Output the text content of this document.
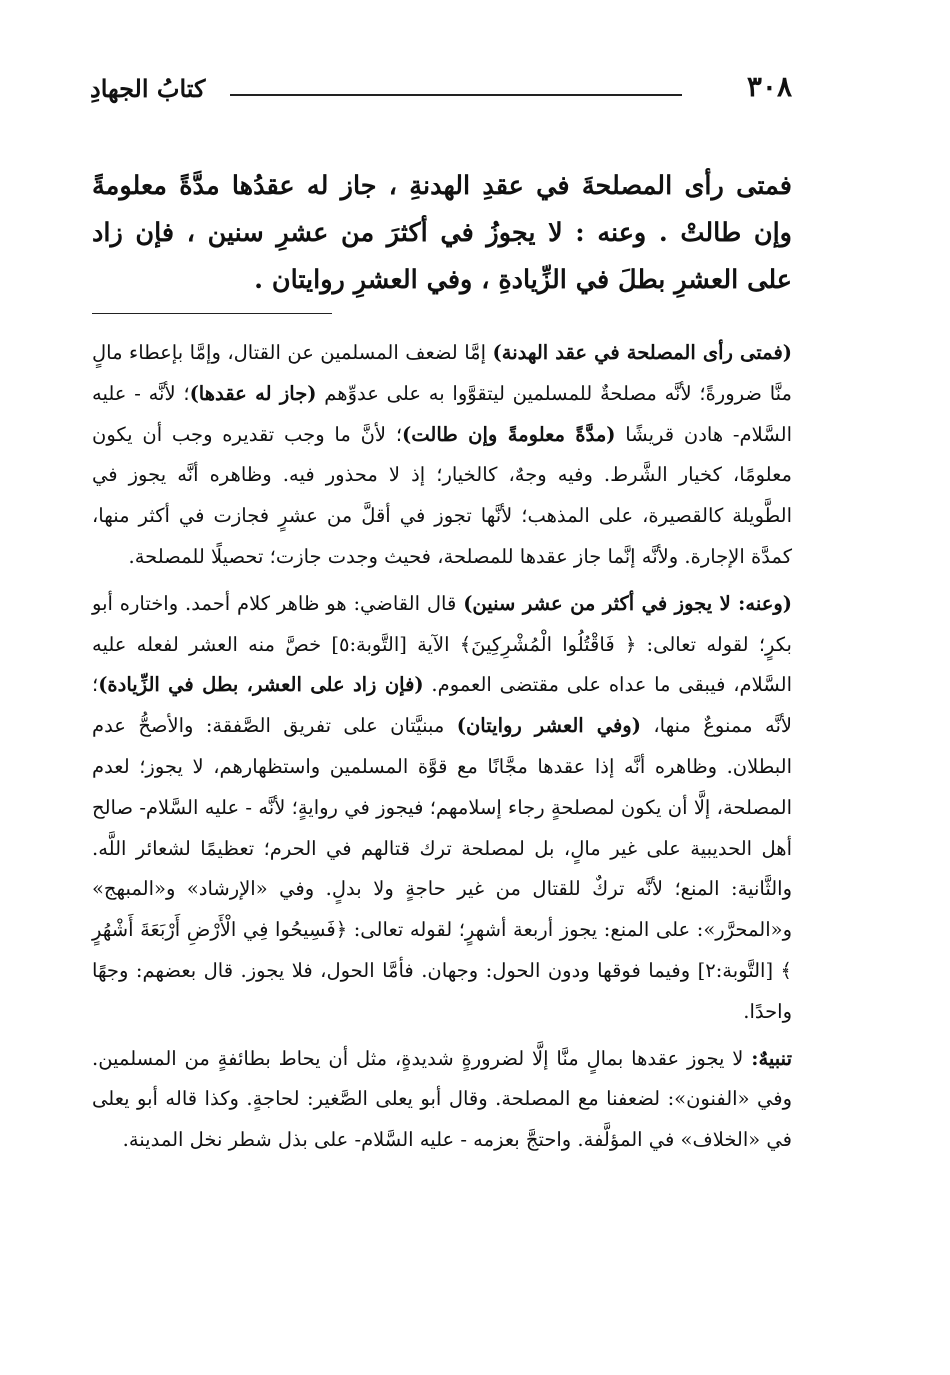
كتابُ الجهادِ	٣٠٨
فمتى رأى المصلحةَ في عقدِ الهدنةِ ، جاز له عقدُها مدَّةً معلومةً وإن طالتْ . وعنه : لا يجوزُ في أكثرَ من عشرِ سنين ، فإن زاد على العشرِ بطلَ في الزِّيادةِ ، وفي العشرِ روايتان .

(فمتى رأى المصلحة في عقد الهدنة) إمَّا لضعف المسلمين عن القتال، وإمَّا بإعطاء مالٍ منَّا ضرورةً؛ لأنَّه مصلحةٌ للمسلمين ليتقوَّوا به على عدوِّهم (جاز له عقدها)؛ لأنَّه - عليه السَّلام- هادن قريشًا (مدَّةً معلومةً وإن طالت)؛ لأنَّ ما وجب تقديره وجب أن يكون معلومًا، كخيار الشَّرط. وفيه وجهٌ، كالخيار؛ إذ لا محذور فيه. وظاهره أنَّه يجوز في الطَّويلة كالقصيرة، على المذهب؛ لأنَّها تجوز في أقلَّ من عشرٍ فجازت في أكثر منها، كمدَّة الإجارة. ولأنَّه إنَّما جاز عقدها للمصلحة، فحيث وجدت جازت؛ تحصيلًا للمصلحة.

(وعنه: لا يجوز في أكثر من عشر سنين) قال القاضي: هو ظاهر كلام أحمد. واختاره أبو بكرٍ؛ لقوله تعالى: ﴿ فَاقْتُلُوا الْمُشْرِكِينَ﴾ الآية [التَّوبة:٥] خصَّ منه العشر لفعله عليه السَّلام، فيبقى ما عداه على مقتضى العموم. (فإن زاد على العشر، بطل في الزِّيادة)؛ لأنَّه ممنوعٌ منها، (وفي العشر روايتان) مبنيَّتان على تفريق الصَّفقة: والأصحُّ عدم البطلان. وظاهره أنَّه إذا عقدها مجَّانًا مع قوَّة المسلمين واستظهارهم، لا يجوز؛ لعدم المصلحة، إلَّا أن يكون لمصلحةٍ رجاء إسلامهم؛ فيجوز في روايةٍ؛ لأنَّه - عليه السَّلام- صالح أهل الحديبية على غير مالٍ، بل لمصلحة ترك قتالهم في الحرم؛ تعظيمًا لشعائر اللَّه. والثَّانية: المنع؛ لأنَّه تركٌ للقتال من غير حاجةٍ ولا بدلٍ. وفي «الإرشاد» و«المبهج» و«المحرَّر»: على المنع: يجوز أربعة أشهرٍ؛ لقوله تعالى: ﴿فَسِيحُوا فِي الْأَرْضِ أَرْبَعَةَ أَشْهُرٍ ﴾ [التَّوبة:٢] وفيما فوقها ودون الحول: وجهان. فأمَّا الحول، فلا يجوز. قال بعضهم: وجهًا واحدًا.

تنبيهٌ: لا يجوز عقدها بمالٍ منَّا إلَّا لضرورةٍ شديدةٍ، مثل أن يحاط بطائفةٍ من المسلمين. وفي «الفنون»: لضعفنا مع المصلحة. وقال أبو يعلى الصَّغير: لحاجةٍ. وكذا قاله أبو يعلى في «الخلاف» في المؤلَّفة. واحتجَّ بعزمه - عليه السَّلام- على بذل شطر نخل المدينة.
